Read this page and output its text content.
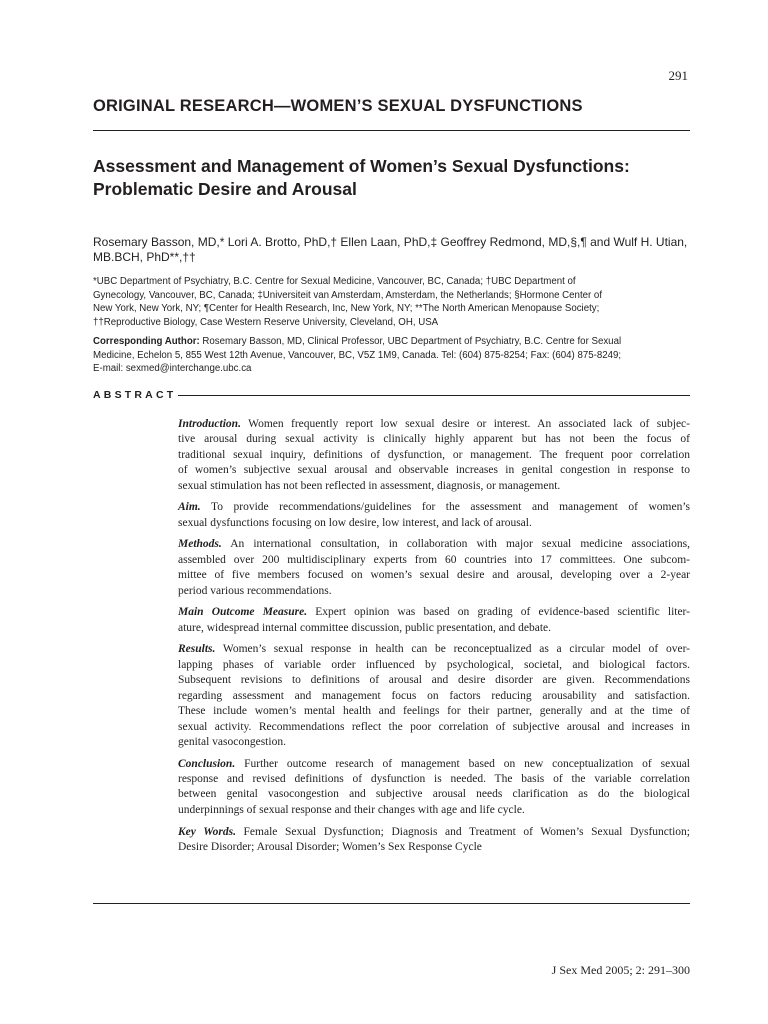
291
ORIGINAL RESEARCH—WOMEN’S SEXUAL DYSFUNCTIONS
Assessment and Management of Women’s Sexual Dysfunctions:
Problematic Desire and Arousal
Rosemary Basson, MD,* Lori A. Brotto, PhD,† Ellen Laan, PhD,‡ Geoffrey Redmond, MD,§,¶ and Wulf H. Utian, MB.BCH, PhD**,††
*UBC Department of Psychiatry, B.C. Centre for Sexual Medicine, Vancouver, BC, Canada; †UBC Department of
Gynecology, Vancouver, BC, Canada; ‡Universiteit van Amsterdam, Amsterdam, the Netherlands; §Hormone Center of
New York, New York, NY; ¶Center for Health Research, Inc, New York, NY; **The North American Menopause Society;
††Reproductive Biology, Case Western Reserve University, Cleveland, OH, USA
Corresponding Author: Rosemary Basson, MD, Clinical Professor, UBC Department of Psychiatry, B.C. Centre for Sexual
Medicine, Echelon 5, 855 West 12th Avenue, Vancouver, BC, V5Z 1M9, Canada. Tel: (604) 875-8254; Fax: (604) 875-8249;
E-mail: sexmed@interchange.ubc.ca
ABSTRACT
Introduction. Women frequently report low sexual desire or interest. An associated lack of subjec-
tive arousal during sexual activity is clinically highly apparent but has not been the focus of
traditional sexual inquiry, definitions of dysfunction, or management. The frequent poor correlation
of women’s subjective sexual arousal and observable increases in genital congestion in response to
sexual stimulation has not been reflected in assessment, diagnosis, or management.
Aim. To provide recommendations/guidelines for the assessment and management of women’s
sexual dysfunctions focusing on low desire, low interest, and lack of arousal.
Methods. An international consultation, in collaboration with major sexual medicine associations,
assembled over 200 multidisciplinary experts from 60 countries into 17 committees. One subcom-
mittee of five members focused on women’s sexual desire and arousal, developing over a 2-year
period various recommendations.
Main Outcome Measure. Expert opinion was based on grading of evidence-based scientific liter-
ature, widespread internal committee discussion, public presentation, and debate.
Results. Women’s sexual response in health can be reconceptualized as a circular model of over-
lapping phases of variable order influenced by psychological, societal, and biological factors.
Subsequent revisions to definitions of arousal and desire disorder are given. Recommendations
regarding assessment and management focus on factors reducing arousability and satisfaction.
These include women’s mental health and feelings for their partner, generally and at the time of
sexual activity. Recommendations reflect the poor correlation of subjective arousal and increases in
genital vasocongestion.
Conclusion. Further outcome research of management based on new conceptualization of sexual
response and revised definitions of dysfunction is needed. The basis of the variable correlation
between genital vasocongestion and subjective arousal needs clarification as do the biological
underpinnings of sexual response and their changes with age and life cycle.
Key Words. Female Sexual Dysfunction; Diagnosis and Treatment of Women’s Sexual Dysfunction;
Desire Disorder; Arousal Disorder; Women’s Sex Response Cycle
J Sex Med 2005; 2: 291–300
